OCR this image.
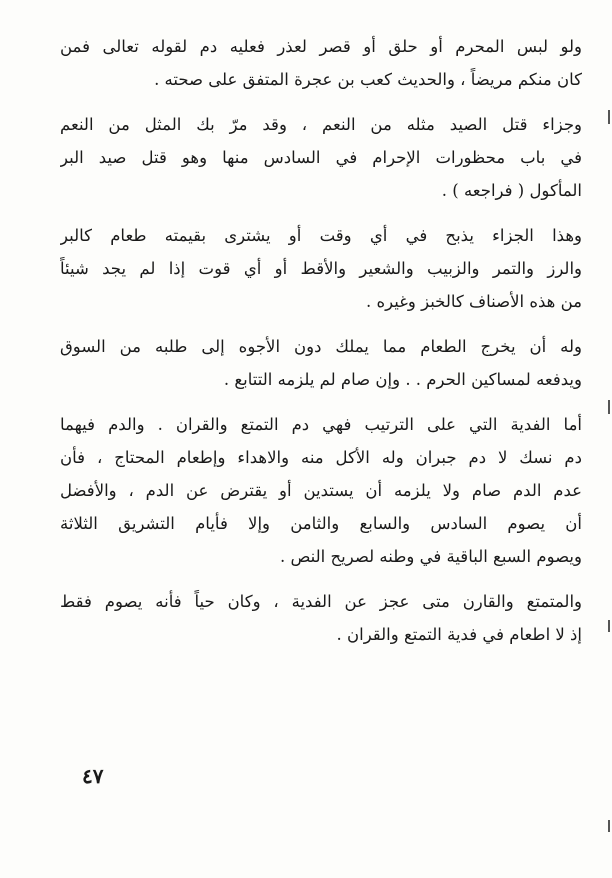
ولو لبس المحرم أو حلق أو قصر لعذر فعليه دم لقوله تعالى فمن
كان منكم مريضاً ، والحديث كعب بن عجرة المتفق على صحته .
وجزاء قتل الصيد مثله من النعم ، وقد مرّ بك المثل من النعم
في باب محظورات الإحرام في السادس منها وهو قتل صيد البر
المأكول ( فراجعه ) .
وهذا الجزاء يذبح في أي وقت أو يشترى بقيمته طعام كالبر
والرز والتمر والزبيب والشعير والأقط أو أي قوت إذا لم يجد شيئاً
من هذه الأصناف كالخبز وغيره .
وله أن يخرج الطعام مما يملك دون الأجوه إلى طلبه من السوق
ويدفعه لمساكين الحرم . . وإن صام لم يلزمه التتابع .
أما الفدية التي على الترتيب فهي دم التمتع والقران . والدم فيهما
دم نسك لا دم جبران وله الأكل منه والاهداء وإطعام المحتاج ، فأن
عدم الدم صام ولا يلزمه أن يستدين أو يقترض عن الدم ، والأفضل
أن يصوم السادس والسابع والثامن وإلا فأيام التشريق الثلاثة
ويصوم السبع الباقية في وطنه لصريح النص .
والمتمتع والقارن متى عجز عن الفدية ، وكان حياً فأنه يصوم فقط
إذ لا اطعام في فدية التمتع والقران .
٤٧
